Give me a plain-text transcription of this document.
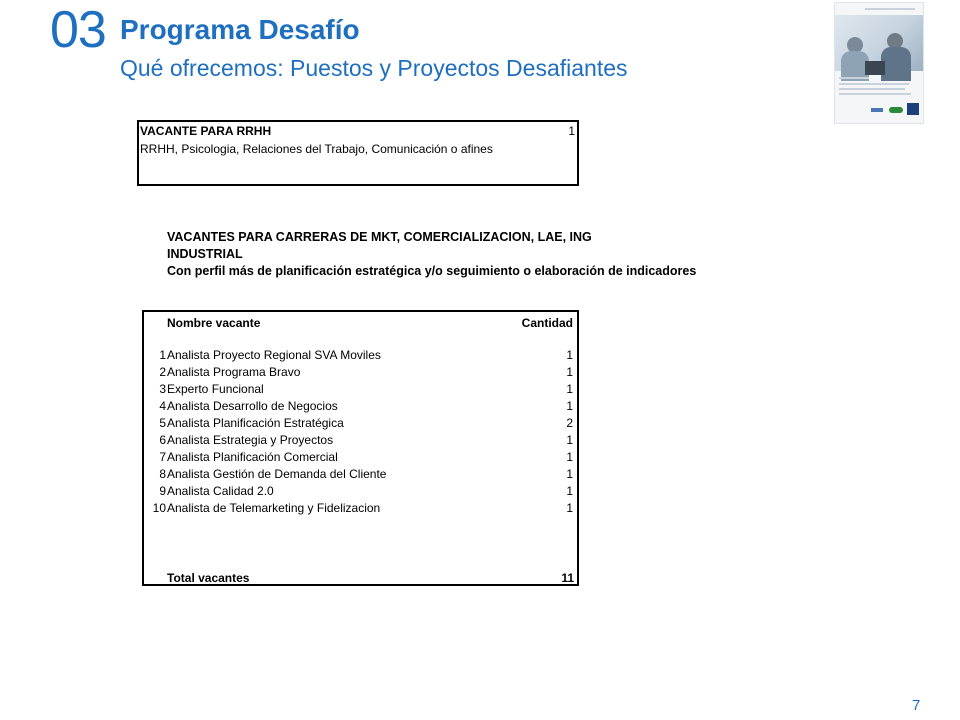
03 Programa Desafío
Qué ofrecemos: Puestos y Proyectos Desafiantes
VACANTE PARA RRHH	1
RRHH, Psicologia, Relaciones del Trabajo, Comunicación o afines
VACANTES PARA CARRERAS DE MKT, COMERCIALIZACION, LAE, ING
INDUSTRIAL
Con perfil más de planificación estratégica y/o seguimiento o elaboración de indicadores
Nombre vacante	Cantidad
1 Analista Proyecto Regional SVA Moviles	1
2 Analista Programa Bravo	1
3 Experto Funcional	1
4 Analista Desarrollo de Negocios	1
5 Analista Planificación Estratégica	2
6 Analista Estrategia y Proyectos	1
7 Analista Planificación Comercial	1
8 Analista Gestión de Demanda del Cliente	1
9 Analista Calidad 2.0	1
10 Analista de Telemarketing y Fidelizacion	1
Total vacantes	11
7
